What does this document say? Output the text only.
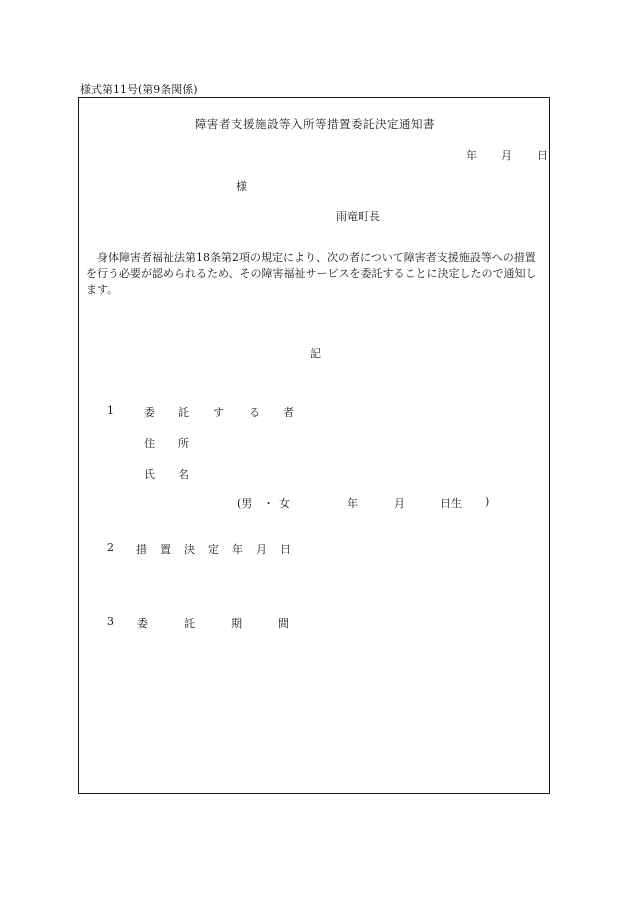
様式第11号(第9条関係)
障害者支援施設等入所等措置委託決定通知書
年 月 日
様
雨竜町長
身体障害者福祉法第18条第2項の規定により、次の者について障害者支援施設等への措置を行う必要が認められるため、その障害福祉サービスを委託することに決定したので通知します。
記
1	委 託 す る 者
住 所
氏 名
(男 ・ 女	年	月	日生 )
2 措 置 決 定 年 月 日
3 委	託	期	間
